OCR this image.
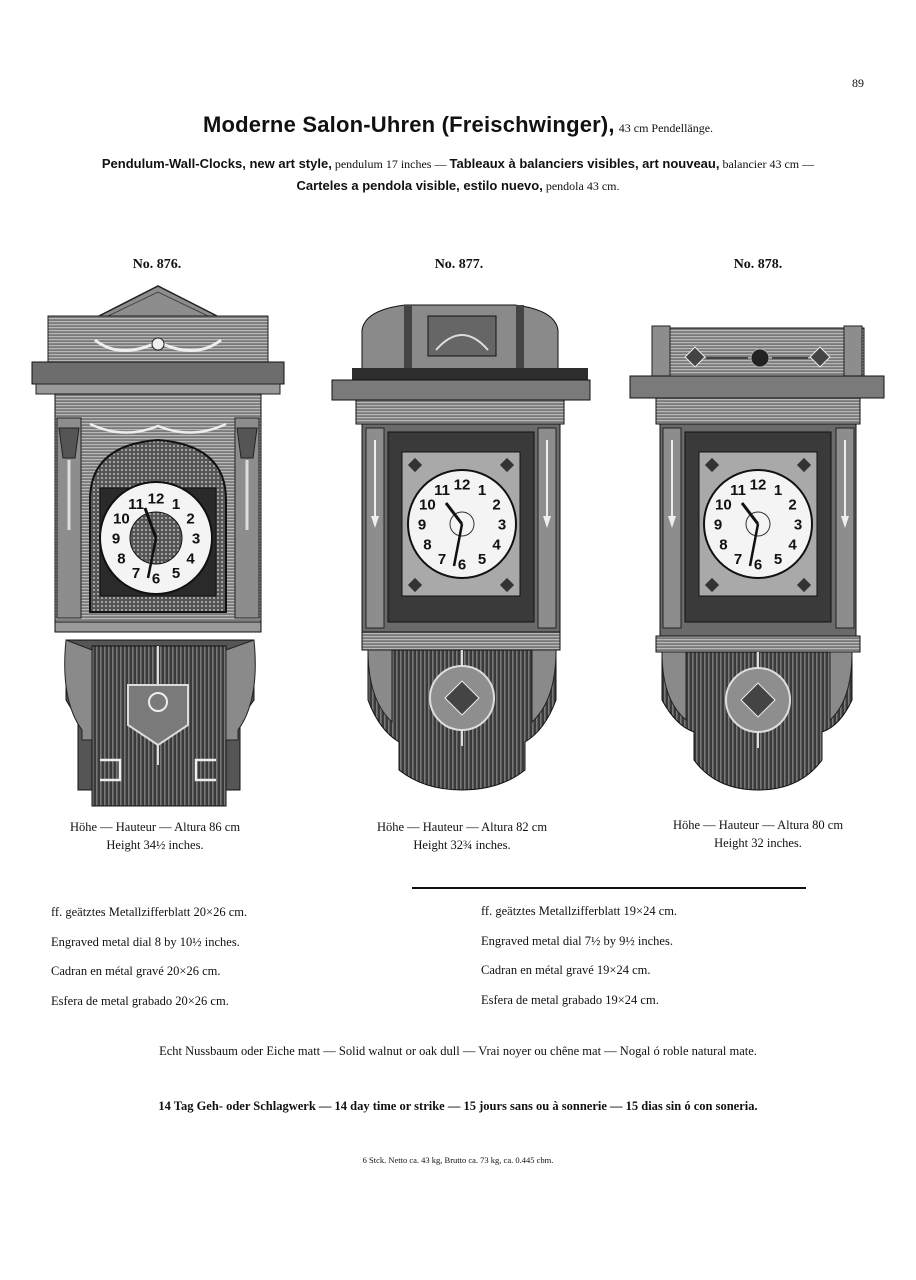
89
Moderne Salon-Uhren (Freischwinger), 43 cm Pendellänge.
Pendulum-Wall-Clocks, new art style, pendulum 17 inches — Tableaux à balanciers visibles, art nouveau, balancier 43 cm —
Carteles a pendola visible, estilo nuevo, pendola 43 cm.
No. 876.	No. 877.	No. 878.
12 1
2
3
4
5
6
7
8
9
10
11
12 1
2
3
4
5
6
7
8
9
10
11	12 1
2
3
4
5
6
7
8
9
10
11
Höhe — Hauteur — Altura 86 cm
Height 34½ inches.
Höhe — Hauteur — Altura 82 cm
Height 32¾ inches.
Höhe — Hauteur — Altura 80 cm
Height 32 inches.
ff. geätztes Metallzifferblatt 20×26 cm.
Engraved metal dial 8 by 10½ inches.
Cadran en métal gravé 20×26 cm.
Esfera de metal grabado 20×26 cm.
ff. geätztes Metallzifferblatt 19×24 cm.
Engraved metal dial 7½ by 9½ inches.
Cadran en métal gravé 19×24 cm.
Esfera de metal grabado 19×24 cm.
Echt Nussbaum oder Eiche matt — Solid walnut or oak dull — Vrai noyer ou chêne mat — Nogal ó roble natural mate.
14 Tag Geh- oder Schlagwerk — 14 day time or strike — 15 jours sans ou à sonnerie — 15 dias sin ó con soneria.
6 Stck. Netto ca. 43 kg, Brutto ca. 73 kg, ca. 0.445 cbm.
